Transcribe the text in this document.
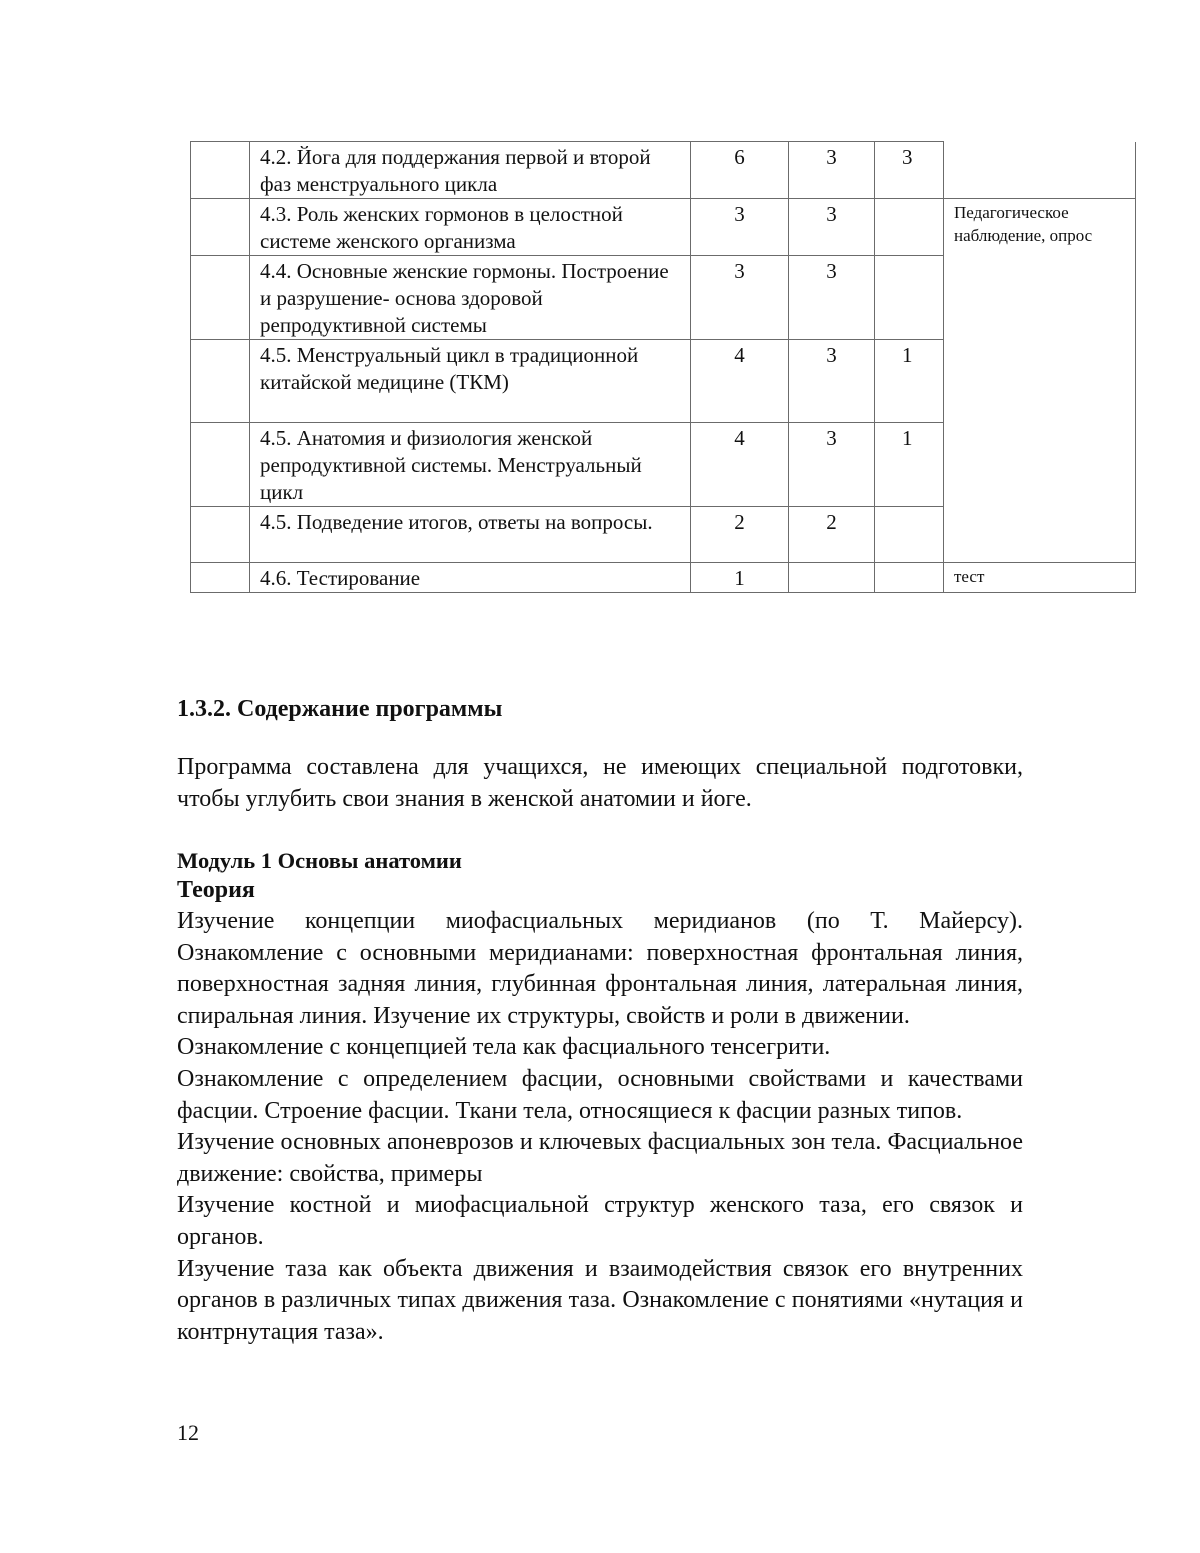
	4.2. Йога для поддержания первой и второй фаз менструального цикла	6	3	3	
	4.3. Роль женских гормонов в целостной системе женского организма	3	3		Педагогическое наблюдение, опрос
	4.4. Основные женские гормоны. Построение и разрушение- основа здоровой репродуктивной системы	3	3		
	4.5. Менструальный цикл в традиционной китайской медицине (ТКМ)	4	3	1	
	4.5. Анатомия и физиология женской репродуктивной системы. Менструальный цикл	4	3	1	
	4.5. Подведение итогов, ответы на вопросы.	2	2		
	4.6. Тестирование	1			тест
1.3.2. Содержание программы

Программа составлена для учащихся, не имеющих специальной подготовки, чтобы углубить свои знания в женской анатомии и йоге.

Модуль 1 Основы анатомии
Теория

Изучение концепции миофасциальных меридианов (по Т. Майерсу). Ознакомление с основными меридианами: поверхностная фронтальная линия, поверхностная задняя линия, глубинная фронтальная линия, латеральная линия, спиральная линия. Изучение их структуры, свойств и роли в движении.

Ознакомление с концепцией тела как фасциального тенсегрити.

Ознакомление с определением фасции, основными свойствами и качествами фасции. Строение фасции. Ткани тела, относящиеся к фасции разных типов.

Изучение основных апоневрозов и ключевых фасциальных зон тела. Фасциальное движение: свойства, примеры

Изучение костной и миофасциальной структур женского таза, его связок и органов.

Изучение таза как объекта движения и взаимодействия связок его внутренних органов в различных типах движения таза. Ознакомление с понятиями «нутация и контрнутация таза».

12
